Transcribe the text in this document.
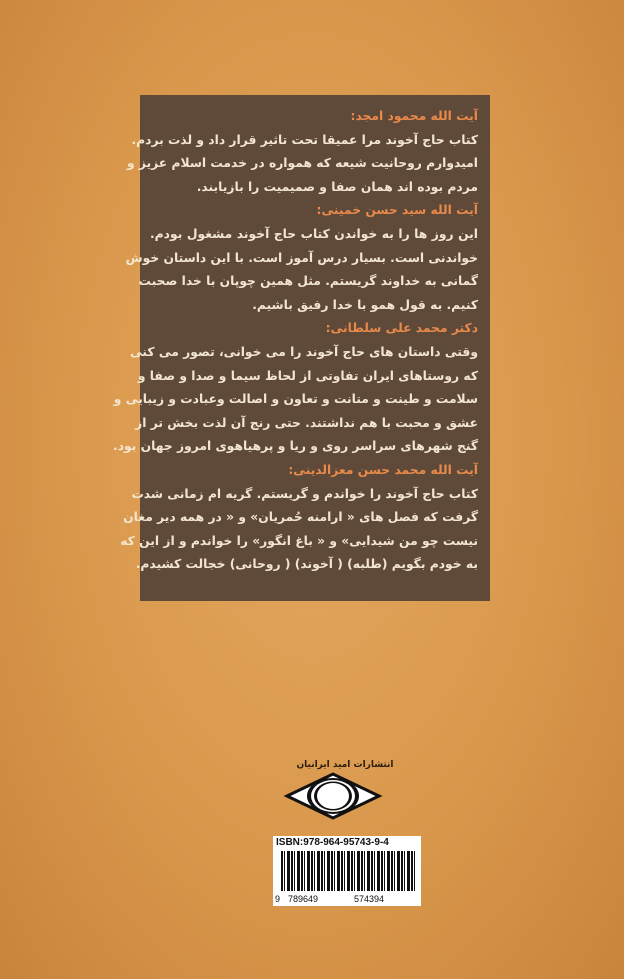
آیت الله محمود امجد:
كتاب حاج آخوند مرا عميقا تحت تاثير قرار داد و لذت بردم.
اميدوارم روحانيت شيعه كه همواره در خدمت اسلام عزيز و
مردم بوده اند همان صفا و صميميت را بازيابند.
آیت الله سید حسن خمینی:
اين روز ها را به خواندن كتاب حاج آخوند مشغول بودم.
خواندنی است. بسیار درس آموز است. با این داستان خوش
گمانی به خداوند گریستم. مثل همین چوپان با خدا صحبت
کنیم. به قول همو با خدا رفیق باشیم.
دکتر محمد علی سلطانی:
وقتی داستان های حاج آخوند را می خوانی، تصور می کنی
که روستاهای ایران تفاوتی از لحاظ سیما و صدا و صفا و
سلامت و طینت و متانت و تعاون و اصالت وعبادت و زیبایی و
عشق و محبت با هم نداشتند. حتی رنج آن لذت بخش تر از
گنج شهرهای سراسر روی و ریا و پرهیاهوی امروز جهان بود.
آیت الله محمد حسن معزالدینی:
کتاب حاج آخوند را خواندم و گریستم. گریه ام زمانی شدت
گرفت که فصل های « ارامنه حُمریان» و « در همه دیر مغان
نیست چو من شیدایی» و « باغ انگور» را خواندم و از این که
به خودم بگویم (طلبه) ( آخوند) ( روحانی) خجالت کشیدم.
انتشارات امید ایرانیان
ISBN:978-964-95743-9-4
9 789649	574394
